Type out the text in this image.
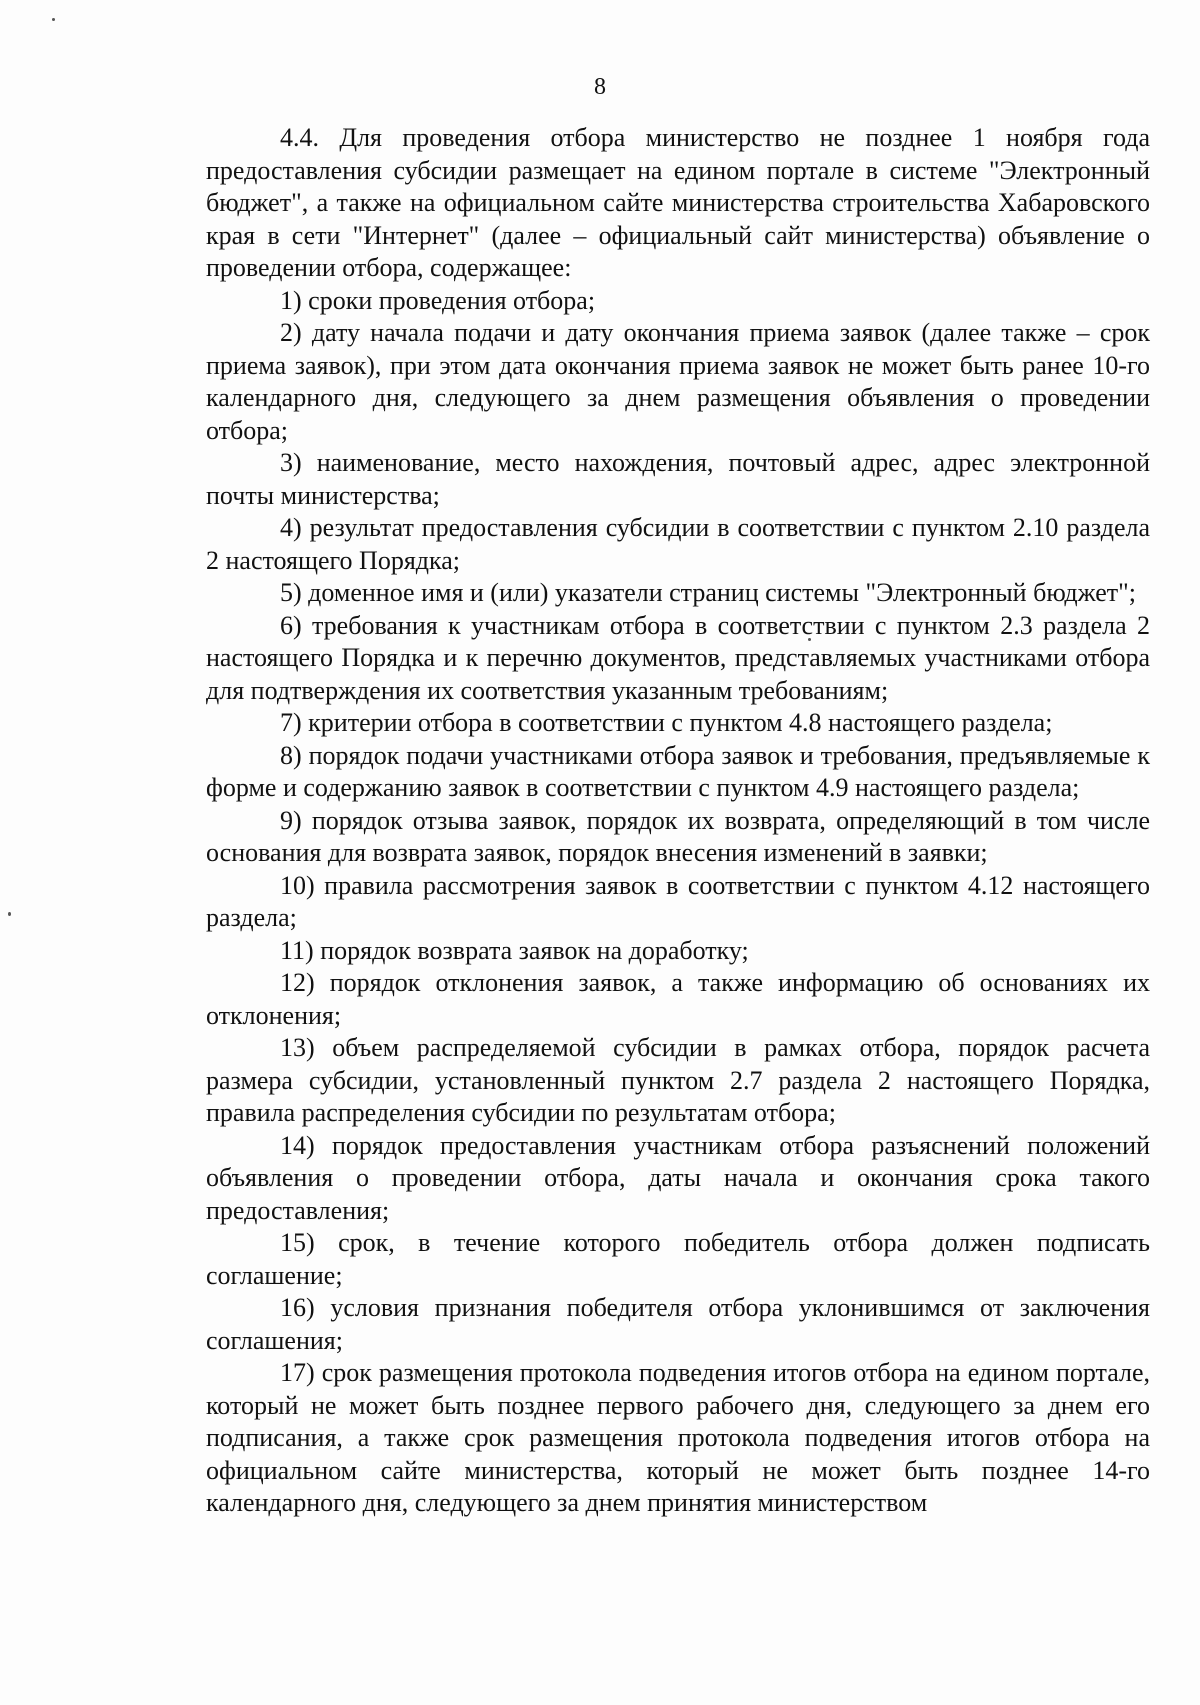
8

4.4. Для проведения отбора министерство не позднее 1 ноября года предоставления субсидии размещает на едином портале в системе "Электронный бюджет", а также на официальном сайте министерства строительства Хабаровского края в сети "Интернет" (далее – официальный сайт министерства) объявление о проведении отбора, содержащее:

1) сроки проведения отбора;

2) дату начала подачи и дату окончания приема заявок (далее также – срок приема заявок), при этом дата окончания приема заявок не может быть ранее 10-го календарного дня, следующего за днем размещения объявления о проведении отбора;

3) наименование, место нахождения, почтовый адрес, адрес электронной почты министерства;

4) результат предоставления субсидии в соответствии с пунктом 2.10 раздела 2 настоящего Порядка;

5) доменное имя и (или) указатели страниц системы "Электронный бюджет";

6) требования к участникам отбора в соответствии с пунктом 2.3 раздела 2 настоящего Порядка и к перечню документов, представляемых участниками отбора для подтверждения их соответствия указанным требованиям;

7) критерии отбора в соответствии с пунктом 4.8 настоящего раздела;

8) порядок подачи участниками отбора заявок и требования, предъявляемые к форме и содержанию заявок в соответствии с пунктом 4.9 настоящего раздела;

9) порядок отзыва заявок, порядок их возврата, определяющий в том числе основания для возврата заявок, порядок внесения изменений в заявки;

10) правила рассмотрения заявок в соответствии с пунктом 4.12 настоящего раздела;

11) порядок возврата заявок на доработку;

12) порядок отклонения заявок, а также информацию об основаниях их отклонения;

13) объем распределяемой субсидии в рамках отбора, порядок расчета размера субсидии, установленный пунктом 2.7 раздела 2 настоящего Порядка, правила распределения субсидии по результатам отбора;

14) порядок предоставления участникам отбора разъяснений положений объявления о проведении отбора, даты начала и окончания срока такого предоставления;

15) срок, в течение которого победитель отбора должен подписать соглашение;

16) условия признания победителя отбора уклонившимся от заключения соглашения;

17) срок размещения протокола подведения итогов отбора на едином портале, который не может быть позднее первого рабочего дня, следующего за днем его подписания, а также срок размещения протокола подведения итогов отбора на официальном сайте министерства, который не может быть позднее 14-го календарного дня, следующего за днем принятия министерством
